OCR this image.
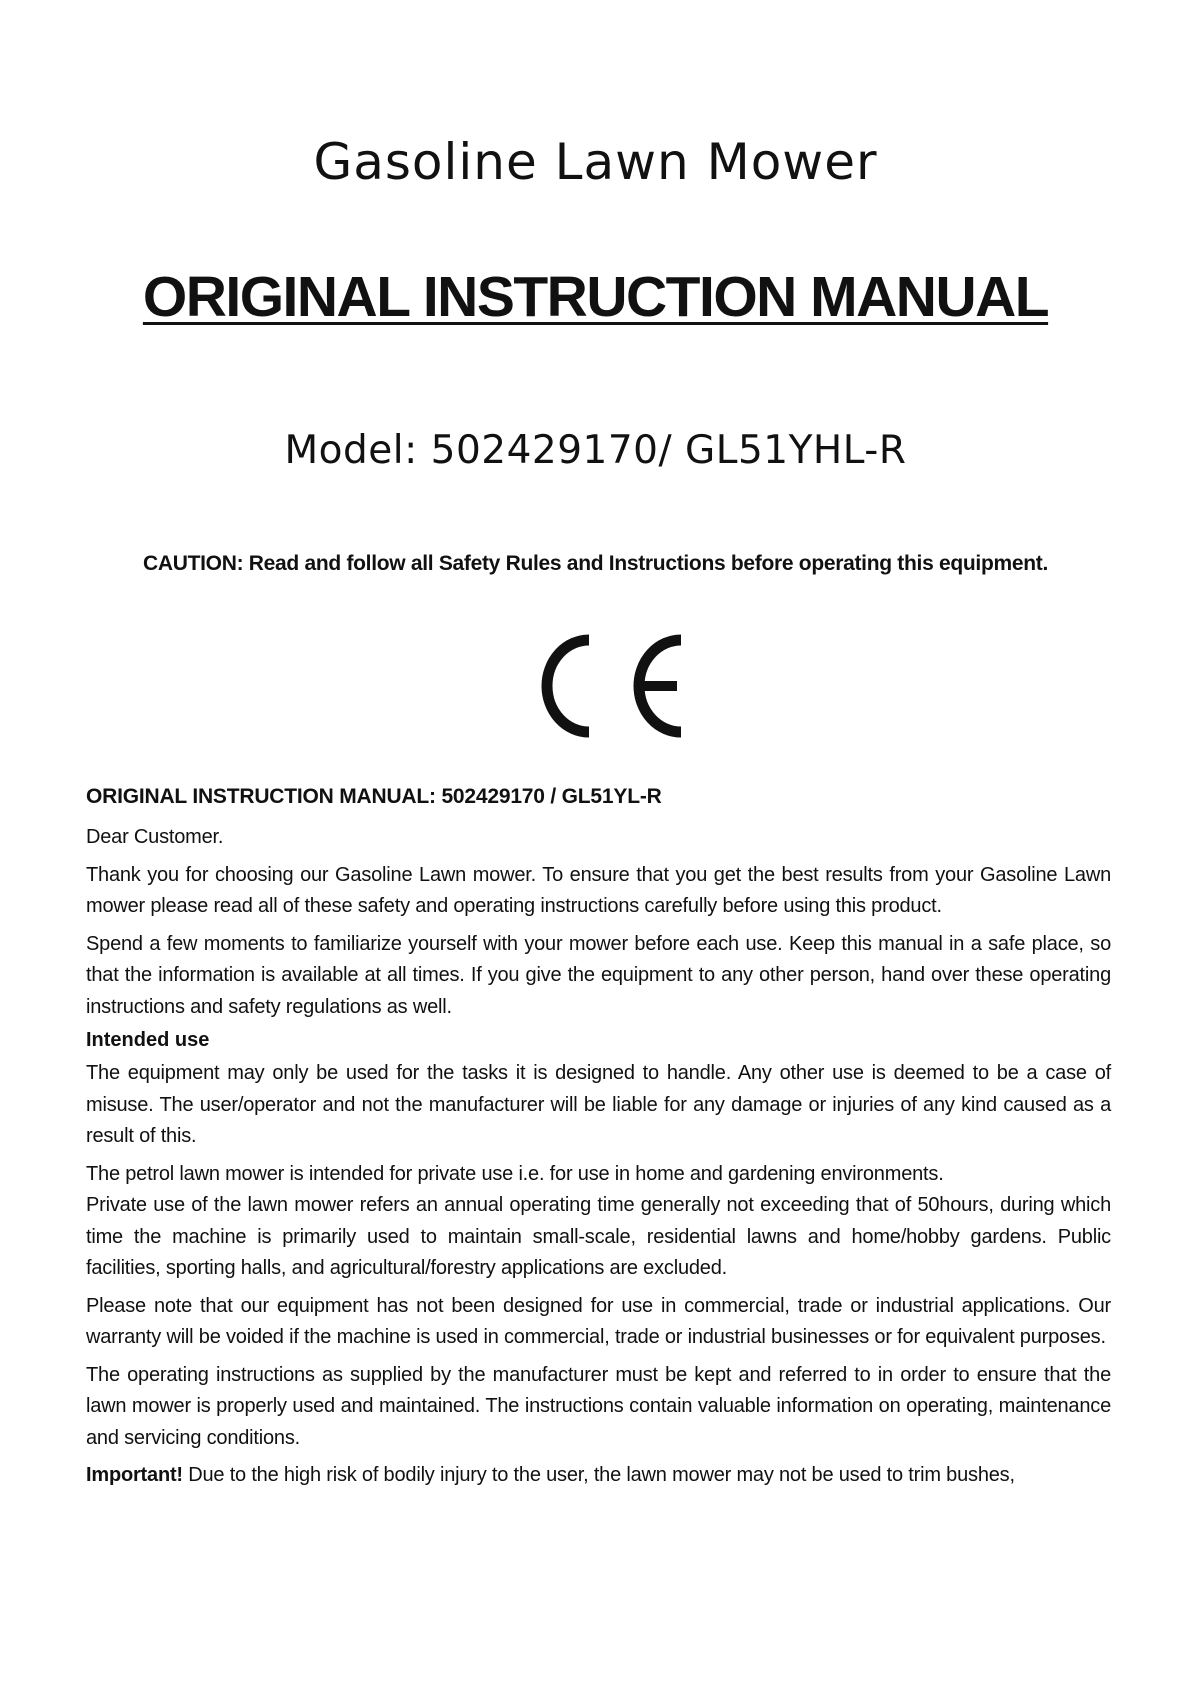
Gasoline Lawn Mower
ORIGINAL INSTRUCTION MANUAL
Model: 502429170/ GL51YHL-R

CAUTION: Read and follow all Safety Rules and Instructions before operating this equipment.

ORIGINAL INSTRUCTION MANUAL: 502429170 / GL51YL-R

Dear Customer.

Thank you for choosing our Gasoline Lawn mower. To ensure that you get the best results from your Gasoline Lawn mower please read all of these safety and operating instructions carefully before using this product.

Spend a few moments to familiarize yourself with your mower before each use. Keep this manual in a safe place, so that the information is available at all times. If you give the equipment to any other person, hand over these operating instructions and safety regulations as well.

Intended use

The equipment may only be used for the tasks it is designed to handle. Any other use is deemed to be a case of misuse. The user/operator and not the manufacturer will be liable for any damage or injuries of any kind caused as a result of this.

The petrol lawn mower is intended for private use i.e. for use in home and gardening environments.

Private use of the lawn mower refers an annual operating time generally not exceeding that of 50hours, during which time the machine is primarily used to maintain small-scale, residential lawns and home/hobby gardens. Public facilities, sporting halls, and agricultural/forestry applications are excluded.

Please note that our equipment has not been designed for use in commercial, trade or industrial applications. Our warranty will be voided if the machine is used in commercial, trade or industrial businesses or for equivalent purposes.

The operating instructions as supplied by the manufacturer must be kept and referred to in order to ensure that the lawn mower is properly used and maintained. The instructions contain valuable information on operating, maintenance and servicing conditions.

Important! Due to the high risk of bodily injury to the user, the lawn mower may not be used to trim bushes,
